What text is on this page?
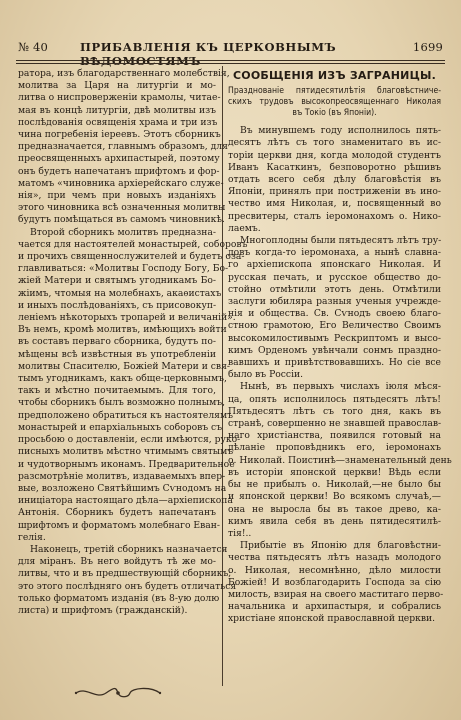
№ 40	ПРИБАВЛЕНІЯ КЪ ЦЕРКОВНЫМЪ ВѢДОМОСТЯМЪ
1699
ратора, изъ благодарственнаго молебствія,
молитва за Царя на литургіи и мо-
литва о ниспроверженіи крамолы, читае-
мая въ концѣ литургіи, двѣ молитвы изъ
послѣдованія освященія храма и три изъ
чина погребенія іереевъ. Этотъ сборникъ
предназначается, главнымъ образомъ, для
преосвященныхъ архипастырей, поэтому
онъ будетъ напечатанъ шрифтомъ и фор-
матомъ «чиновника архіерейскаго служе-
нія», при чемъ при новыхъ изданіяхъ
этого чиновника всѣ означенныя молитвы
будутъ помѣщаться въ самомъ чиновникѣ.
Второй сборникъ молитвъ предназна-
чается для настоятелей монастырей, соборовъ
и прочихъ священнослужителей и будетъ оза-
главливаться: «Молитвы Господу Богу, Бо-
жіей Матери и святымъ угодникамъ Бо-
жіимъ, чтомыя на молебнахъ, акаѳистахъ
и иныхъ послѣдованіяхъ, съ присовокуп-
леніемъ нѣкоторыхъ тропарей и величаній».
Въ немъ, кромѣ молитвъ, имѣющихъ войти
въ составъ перваго сборника, будутъ по-
мѣщены всѣ извѣстныя въ употребленіи
молитвы Спасителю, Божіей Матери и свя-
тымъ угодникамъ, какъ обще-церковнымъ,
такъ и мѣстно почитаемымъ. Для того,
чтобы сборникъ былъ возможно полнымъ,
предположено обратиться къ настоятелямъ
монастырей и епархіальныхъ соборовъ съ
просьбою о доставленіи, если имѣются, руко-
писныхъ молитвъ мѣстно чтимымъ святымъ
и чудотворнымъ иконамъ. Предварительное
разсмотрѣніе молитвъ, издаваемыхъ впер-
вые, возложено Святѣйшимъ Сѵнодомъ на
иниціатора настоящаго дѣла—архіепископа
Антонія. Сборникъ будетъ напечатанъ
шрифтомъ и форматомъ молебнаго Еван-
гелія.
Наконецъ, третій сборникъ назначается
для міранъ. Въ него войдутъ тѣ же мо-
литвы, что и въ предшествующій сборникъ;
это этого послѣдняго онъ будетъ отличаться
только форматомъ изданія (въ 8-ую долю
листа) и шрифтомъ (гражданскій).
СООБЩЕНІЯ ИЗЪ ЗАГРАНИЦЫ.
Празднованіе пятидесятилѣтія благовѣстниче-
скихъ трудовъ высокопреосвященнаго Николая
въ Токіо (въ Японіи).
Въ минувшемъ году исполнилось пять-
десятъ лѣтъ съ того знаменитаго въ ис-
торіи церкви дня, когда молодой студентъ
Иванъ Касаткинъ, безповоротно рѣшивъ
отдать всего себя дѣлу благовѣстія въ
Японіи, принялъ при постриженіи въ ино-
чество имя Николая, и, посвященный во
пресвитеры, сталъ іеромонахомъ о. Нико-
лаемъ.
Многоплодны были пятьдесятъ лѣтъ тру-
довъ когда-то іеромонаха, а нынѣ славна-
го архіепископа японскаго Николая. И
русская печать, и русское общество до-
стойно отмѣтили этотъ день. Отмѣтили
заслуги юбиляра разныя ученыя учрежде-
нія и общества. Св. Сѵнодъ своею благо-
стною грамотою, Его Величество Своимъ
высокомилостивымъ Рескриптомъ и высо-
кимъ Орденомъ увѣнчали сонмъ праздно-
вавшихъ и привѣтствовавшихъ. Но сіе все
было въ Россіи.
Нынѣ, въ первыхъ числахъ іюля мѣся-
ца, опять исполнилось пятьдесятъ лѣтъ!
Пятьдесятъ лѣтъ съ того дня, какъ въ
странѣ, совершенно не знавшей православ-
наго христіанства, появился готовый на
дѣланіе проповѣдникъ его, іеромонахъ
о. Николай. Поистинѣ—знаменательный день
въ исторіи японской церкви! Вѣдь если
бы не прибылъ о. Николай,—не было бы
и японской церкви! Во всякомъ случаѣ,—
она не выросла бы въ такое древо, ка-
кимъ явила себя въ день пятидесятилѣ-
тія!..
Прибытіе въ Японію для благовѣстни-
чества пятьдесятъ лѣтъ назадъ молодого
о. Николая, несомнѣнно, дѣло милости
Божіей! И возблагодарить Господа за сію
милость, взирая на своего маститаго перво-
начальника и архипастыря, и собрались
христіане японской православной церкви.
